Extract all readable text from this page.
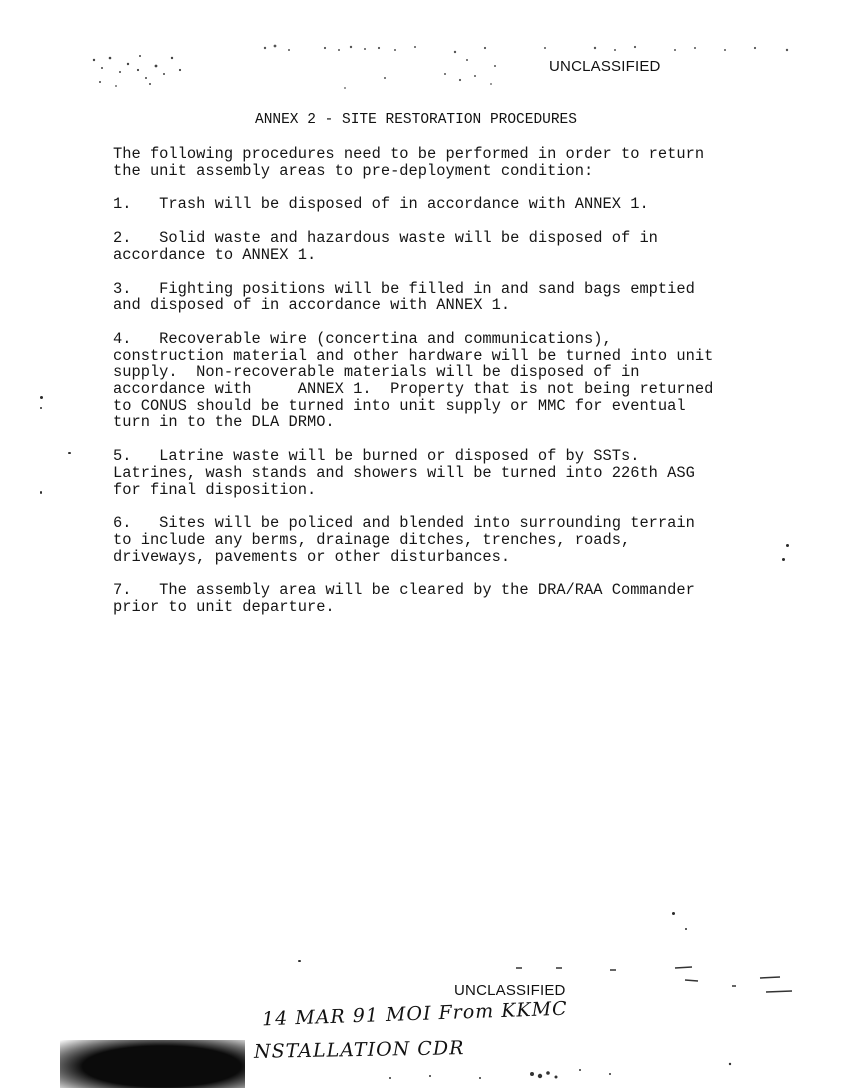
UNCLASSIFIED
ANNEX 2 - SITE RESTORATION PROCEDURES

The following procedures need to be performed in order to return
the unit assembly areas to pre-deployment condition:

1.   Trash will be disposed of in accordance with ANNEX 1.

2.   Solid waste and hazardous waste will be disposed of in
accordance to ANNEX 1.

3.   Fighting positions will be filled in and sand bags emptied
and disposed of in accordance with ANNEX 1.

4.   Recoverable wire (concertina and communications),
construction material and other hardware will be turned into unit
supply.  Non-recoverable materials will be disposed of in
accordance with     ANNEX 1.  Property that is not being returned
to CONUS should be turned into unit supply or MMC for eventual
turn in to the DLA DRMO.

5.   Latrine waste will be burned or disposed of by SSTs.
Latrines, wash stands and showers will be turned into 226th ASG
for final disposition.

6.   Sites will be policed and blended into surrounding terrain
to include any berms, drainage ditches, trenches, roads,
driveways, pavements or other disturbances.

7.   The assembly area will be cleared by the DRA/RAA Commander
prior to unit departure.

UNCLASSIFIED
14 MAR 91 MOI From KKMC
NSTALLATION CDR
